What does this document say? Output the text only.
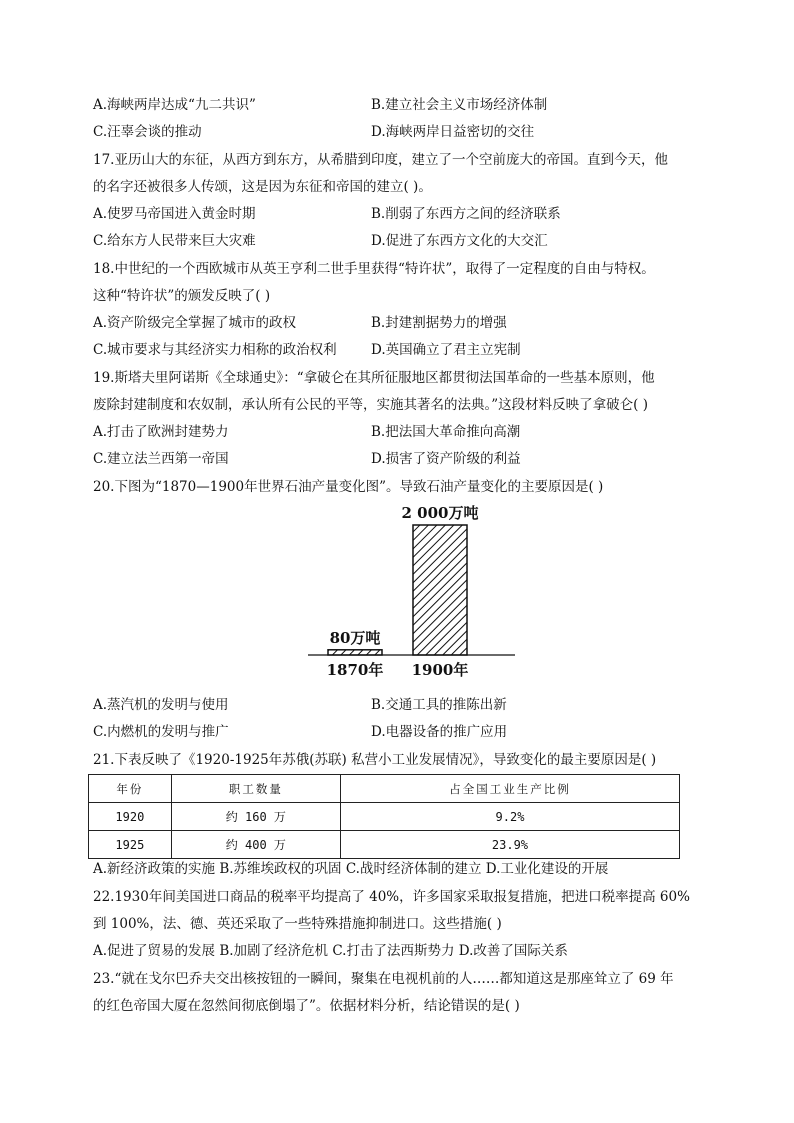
A.海峡两岸达成“九二共识”	B.建立社会主义市场经济体制
C.汪辜会谈的推动	D.海峡两岸日益密切的交往
17.亚历山大的东征，从西方到东方，从希腊到印度，建立了一个空前庞大的帝国。直到今天，他
的名字还被很多人传颂，这是因为东征和帝国的建立( )。
A.使罗马帝国进入黄金时期	B.削弱了东西方之间的经济联系
C.给东方人民带来巨大灾难	D.促进了东西方文化的大交汇
18.中世纪的一个西欧城市从英王亨利二世手里获得“特许状”，取得了一定程度的自由与特权。
这种“特许状”的颁发反映了( )
A.资产阶级完全掌握了城市的政权	B.封建割据势力的增强
C.城市要求与其经济实力相称的政治权利	D.英国确立了君主立宪制
19.斯塔夫里阿诺斯《全球通史》：“拿破仑在其所征服地区都贯彻法国革命的一些基本原则，他
废除封建制度和农奴制，承认所有公民的平等，实施其著名的法典。”这段材料反映了拿破仑( )
A.打击了欧洲封建势力	B.把法国大革命推向高潮
C.建立法兰西第一帝国	D.损害了资产阶级的利益
20.下图为“1870—1900年世界石油产量变化图”。导致石油产量变化的主要原因是( )
80万吨
1870年
2 000万吨
1900年
A.蒸汽机的发明与使用	B.交通工具的推陈出新
C.内燃机的发明与推广	D.电器设备的推广应用
21.下表反映了《1920-1925年苏俄(苏联) 私营小工业发展情况》，导致变化的最主要原因是( )
年份	职工数量	占全国工业生产比例
1920	约 160 万	9.2%
1925	约 400 万	23.9%
A.新经济政策的实施 B.苏维埃政权的巩固 C.战时经济体制的建立 D.工业化建设的开展
22.1930年间美国进口商品的税率平均提高了 40%，许多国家采取报复措施，把进口税率提高 60%
到 100%，法、德、英还采取了一些特殊措施抑制进口。这些措施( )
A.促进了贸易的发展 B.加剧了经济危机 C.打击了法西斯势力 D.改善了国际关系
23.“就在戈尔巴乔夫交出核按钮的一瞬间，聚集在电视机前的人……都知道这是那座耸立了 69 年
的红色帝国大厦在忽然间彻底倒塌了”。依据材料分析，结论错误的是( )
